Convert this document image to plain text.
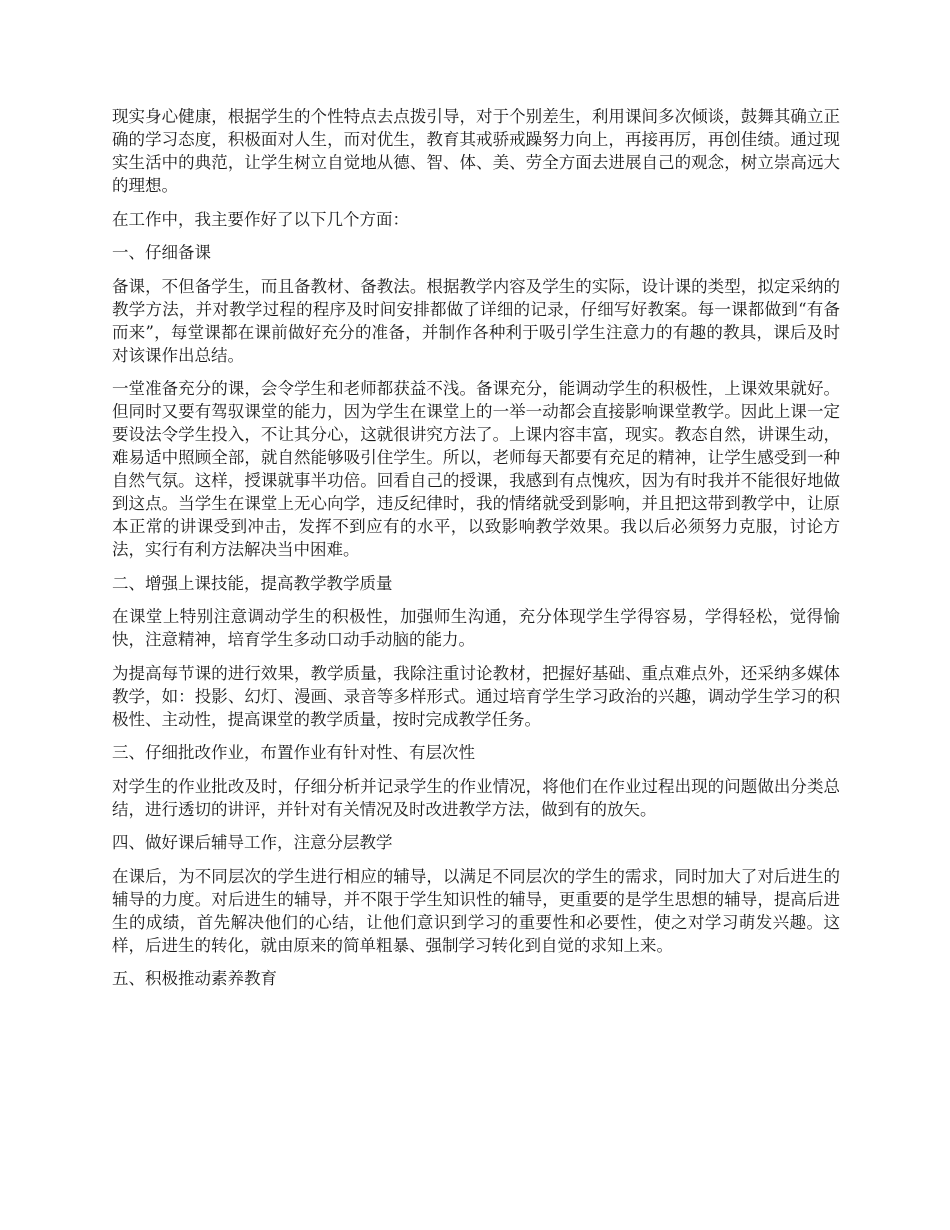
现实身心健康，根据学生的个性特点去点拨引导，对于个别差生，利用课间多次倾谈，鼓舞其确立正确的学习态度，积极面对人生，而对优生，教育其戒骄戒躁努力向上，再接再厉，再创佳绩。通过现实生活中的典范，让学生树立自觉地从德、智、体、美、劳全方面去进展自己的观念，树立崇高远大的理想。

在工作中，我主要作好了以下几个方面：

一、仔细备课

备课，不但备学生，而且备教材、备教法。根据教学内容及学生的实际，设计课的类型，拟定采纳的教学方法，并对教学过程的程序及时间安排都做了详细的记录，仔细写好教案。每一课都做到“有备而来”，每堂课都在课前做好充分的准备，并制作各种利于吸引学生注意力的有趣的教具，课后及时对该课作出总结。

一堂准备充分的课，会令学生和老师都获益不浅。备课充分，能调动学生的积极性，上课效果就好。但同时又要有驾驭课堂的能力，因为学生在课堂上的一举一动都会直接影响课堂教学。因此上课一定要设法令学生投入，不让其分心，这就很讲究方法了。上课内容丰富，现实。教态自然，讲课生动，难易适中照顾全部，就自然能够吸引住学生。所以，老师每天都要有充足的精神，让学生感受到一种自然气氛。这样，授课就事半功倍。回看自己的授课，我感到有点愧疚，因为有时我并不能很好地做到这点。当学生在课堂上无心向学，违反纪律时，我的情绪就受到影响，并且把这带到教学中，让原本正常的讲课受到冲击，发挥不到应有的水平，以致影响教学效果。我以后必须努力克服，讨论方法，实行有利方法解决当中困难。

二、增强上课技能，提高教学教学质量

在课堂上特别注意调动学生的积极性，加强师生沟通，充分体现学生学得容易，学得轻松，觉得愉快，注意精神，培育学生多动口动手动脑的能力。

为提高每节课的进行效果，教学质量，我除注重讨论教材，把握好基础、重点难点外，还采纳多媒体教学，如：投影、幻灯、漫画、录音等多样形式。通过培育学生学习政治的兴趣，调动学生学习的积极性、主动性，提高课堂的教学质量，按时完成教学任务。

三、仔细批改作业，布置作业有针对性、有层次性

对学生的作业批改及时，仔细分析并记录学生的作业情况，将他们在作业过程出现的问题做出分类总结，进行透切的讲评，并针对有关情况及时改进教学方法，做到有的放矢。

四、做好课后辅导工作，注意分层教学

在课后，为不同层次的学生进行相应的辅导，以满足不同层次的学生的需求，同时加大了对后进生的辅导的力度。对后进生的辅导，并不限于学生知识性的辅导，更重要的是学生思想的辅导，提高后进生的成绩，首先解决他们的心结，让他们意识到学习的重要性和必要性，使之对学习萌发兴趣。这样，后进生的转化，就由原来的简单粗暴、强制学习转化到自觉的求知上来。

五、积极推动素养教育
